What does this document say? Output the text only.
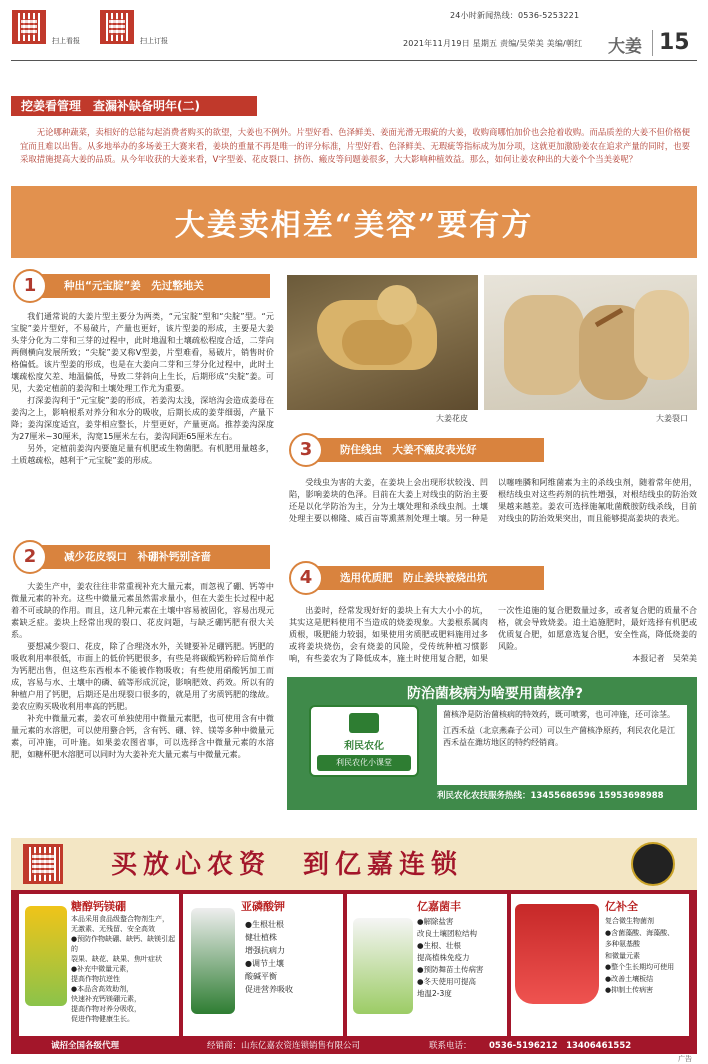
扫上看报	扫上订报
24小时新闻热线：0536-5253221
2021年11月19日 星期五 责编/吴荣美 美编/朝红 大姜 15
挖姜看管理　查漏补缺备明年(二)
无论哪种蔬菜，卖相好的总能勾起消费者购买的欲望，大姜也不例外。片型好看、色泽鲜美、姜面光滑无瑕疵的大姜，收购商哪怕加价也会抢着收购。而品质差的大姜不但价格便宜而且难以出售。从多地举办的多场姜王大赛来看，姜块的重量不再是唯一的评分标准，片型好看、色泽鲜美、无瑕疵等指标成为加分项，这就更加激励姜农在追求产量的同时，也要采取措施提高大姜的品质。从今年收获的大姜来看，V字型姜、花皮裂口、挤伤、瘢皮等问题姜很多，大大影响种植效益。那么，如何让姜农种出的大姜个个当美姜呢？
大姜卖相差“美容”要有方
种出“元宝腚”姜　先过整地关
1

我们通常说的大姜片型主要分为两类，“元宝腚”型和“尖腚”型。“元宝腚”姜片型好，不易破片，产量也更好，该片型姜的形成，主要是大姜头芽分化为二芽和三芽的过程中，此时地温和土壤疏松程度合适，二芽向两侧横向发展所致；“尖腚”姜又称V型姜，片型难看，易破片，销售时价格偏低。该片型姜的形成，也是在大姜向二芽和三芽分化过程中，此时土壤疏松度欠差、地温偏低，导致二芽斜向上生长，后期形成“尖腚”姜。可见，大姜定植前的姜沟和土壤处理工作尤为重要。

打深姜沟利于“元宝腚”姜的形成，若姜沟太浅，深培沟会造成姜母在姜沟之上，影响根系对养分和水分的吸收，后期长成的姜芽细弱，产量下降；姜沟深度适宜，姜芽相应整长，片型更好，产量更高。推荐姜沟深度为27厘米~30厘米，沟宽15厘米左右，姜沟间距65厘米左右。

另外，定植前姜沟内要施足量有机肥或生物菌肥。有机肥用量越多，土质越疏松，越利于“元宝腚”姜的形成。

减少花皮裂口　补硼补钙别吝啬
2

大姜生产中，姜农往往非常重视补充大量元素，而忽视了硼、钙等中微量元素的补充。这些中微量元素虽然需求量小，但在大姜生长过程中起着不可或缺的作用。而且，这几种元素在土壤中容易被固化，容易出现元素缺乏症。姜块上经常出现的裂口、花皮问题，与缺乏硼钙肥有很大关系。

要想减少裂口、花皮，除了合理浇水外，关键要补足硼钙肥。钙肥的吸收利用率很低，市面上的低价钙肥很多，有些是将碳酸钙粉碎后简单作为钙肥出售，但这些东西根本不能被作物吸收；有些使用硝酸钙加工而成，容易与水、土壤中的磷、硫等形成沉淀，影响肥效、药效。所以有的种植户用了钙肥，后期还是出现裂口很多的，就是用了劣质钙肥的缘故。姜农应购买吸收利用率高的钙肥。

补充中微量元素，姜农可单独使用中微量元素肥，也可使用含有中微量元素的水溶肥，可以使用螯合钙，含有钙、硼、锌、镁等多种中微量元素，可冲施，可叶施。如果姜农图省事，可以选择含中微量元素的水溶肥，如糖杯肥水溶肥可以同时为大姜补充大量元素与中微量元素。

大姜花皮	大姜裂口
防住线虫　大姜不瘢皮表光好
3

受线虫为害的大姜，在姜块上会出现形状较浅、凹陷，影响姜块的色泽。目前在大姜上对线虫的防治主要还是以化学防治为主，分为土壤处理和杀线虫剂。土壤处理主要以棉隆、威百亩等熏蒸剂处理土壤。另一种是以噻唑膦和阿维菌素为主的杀线虫剂，随着常年使用，根结线虫对这些药剂的抗性增强，对根结线虫的防治效果越来越差。姜农可选择施氟吡菌酰胺防线杀线，目前对线虫的防治效果突出，而且能够提高姜块的表光。

选用优质肥　防止姜块被烧出坑
4

出姜时，经常发现好好的姜块上有大大小小的坑，其实这是肥料使用不当造成的烧姜现象。大姜根系属肉质根，吸肥能力较弱，如果使用劣质肥或肥料施用过多或将姜块烧伤，会有烧姜的风险，受传统种植习惯影响，有些姜农为了降低成本，施土时使用复合肥，如果一次性追施的复合肥数量过多，或者复合肥的质量不合格，就会导致烧姜。追土追施肥时，最好选择有机肥或优质复合肥，如愿意选复合肥，安全性高，降低烧姜的风险。

本报记者　吴荣美

防治菌核病为啥要用菌核净?
利民农化
利民农化小课堂

菌核净是防治菌核病的特效药，既可喷雾，也可冲施，还可涂茎。

江西禾益（北京燕森子公司）可以生产菌核净原药，利民农化是江西禾益在潍坊地区的特约经销商。

利民农化农技服务热线：13455686596 15953698988
买放心农资　到亿嘉连锁
糖醇钙镁硼
本品采用食品级螯合物剂生产，
无激素、无残留、安全高效
●预防作物缺硼、缺钙、缺镁引起的
裂果、缺花、缺果、焦叶症状
●补充中微量元素，
提高作物抗逆性
●本品含高效助剂，
快速补充钙镁硼元素，
提高作物对养分吸收，
促进作物健康生长。
亚磷酸钾
●生根壮根
健壮植株
增强抗病力
●调节土壤
酸碱平衡
促进营养吸收
亿嘉菌丰
●解除盐害
改良土壤团粒结构
●生根、壮根
提高植株免疫力
●预防舞苗土传病害
●冬天使用可提高
地温2-3度
亿补全
复合微生物菌剂
●含菌藻酸、海藻酸、
多种氨基酸
和微量元素
●整个生长期均可使用
●改善土壤板结
●抑制土传病害
诚招全国各级代理	经销商：山东亿嘉农资连锁销售有限公司	联系电话： 0536-5196212　13406461552
广告
